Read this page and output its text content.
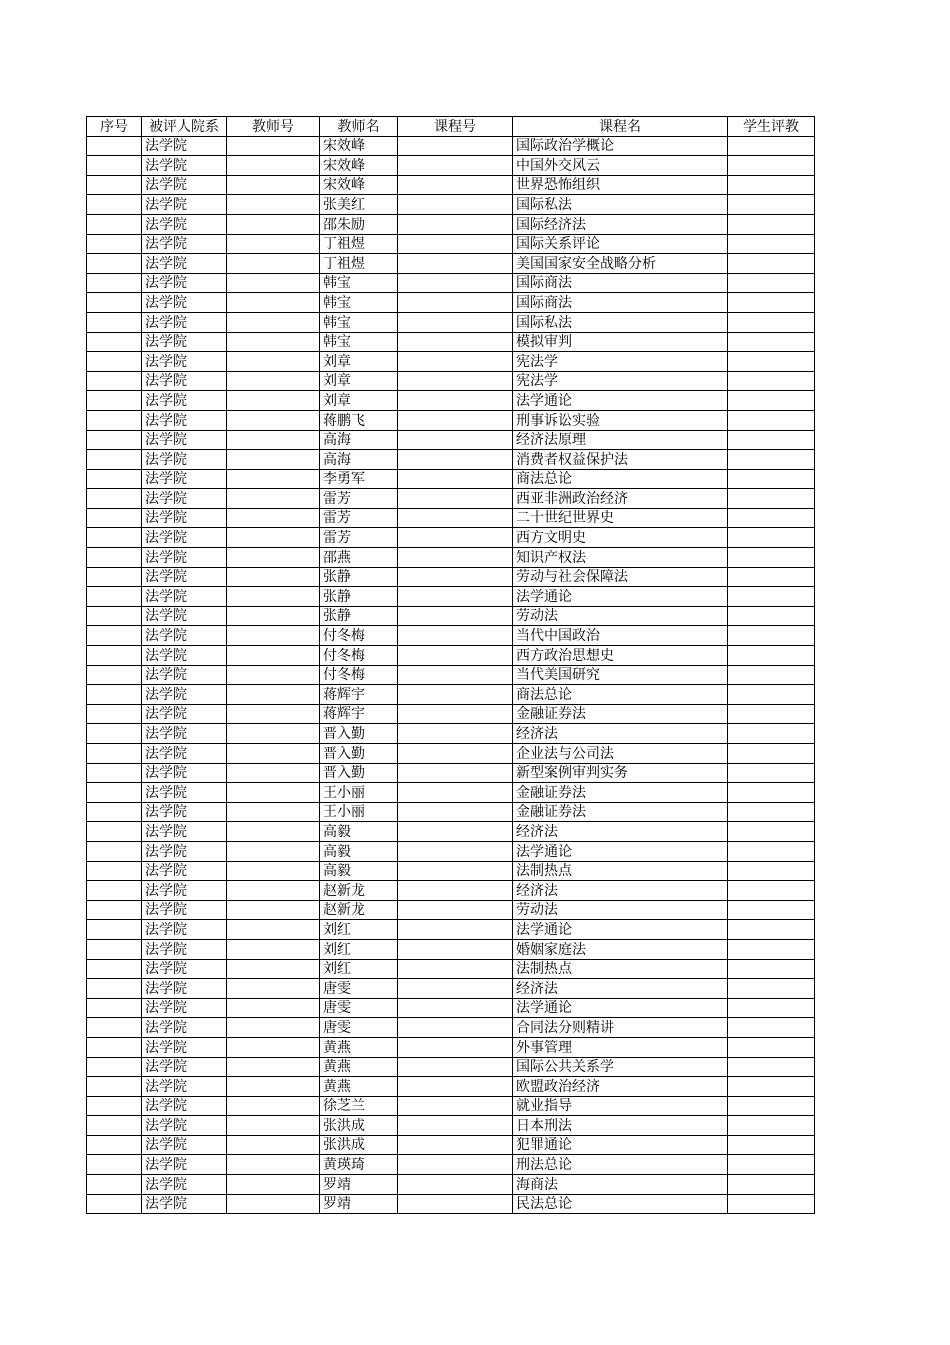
序号	被评人院系	教师号	教师名	课程号	课程名	学生评教
	法学院		宋效峰		国际政治学概论	
	法学院		宋效峰		中国外交风云	
	法学院		宋效峰		世界恐怖组织	
	法学院		张美红		国际私法	
	法学院		邵朱励		国际经济法	
	法学院		丁祖煜		国际关系评论	
	法学院		丁祖煜		美国国家安全战略分析	
	法学院		韩宝		国际商法	
	法学院		韩宝		国际商法	
	法学院		韩宝		国际私法	
	法学院		韩宝		模拟审判	
	法学院		刘章		宪法学	
	法学院		刘章		宪法学	
	法学院		刘章		法学通论	
	法学院		蒋鹏飞		刑事诉讼实验	
	法学院		高海		经济法原理	
	法学院		高海		消费者权益保护法	
	法学院		李勇军		商法总论	
	法学院		雷芳		西亚非洲政治经济	
	法学院		雷芳		二十世纪世界史	
	法学院		雷芳		西方文明史	
	法学院		邵燕		知识产权法	
	法学院		张静		劳动与社会保障法	
	法学院		张静		法学通论	
	法学院		张静		劳动法	
	法学院		付冬梅		当代中国政治	
	法学院		付冬梅		西方政治思想史	
	法学院		付冬梅		当代美国研究	
	法学院		蒋辉宇		商法总论	
	法学院		蒋辉宇		金融证券法	
	法学院		晋入勤		经济法	
	法学院		晋入勤		企业法与公司法	
	法学院		晋入勤		新型案例审判实务	
	法学院		王小丽		金融证券法	
	法学院		王小丽		金融证券法	
	法学院		高毅		经济法	
	法学院		高毅		法学通论	
	法学院		高毅		法制热点	
	法学院		赵新龙		经济法	
	法学院		赵新龙		劳动法	
	法学院		刘红		法学通论	
	法学院		刘红		婚姻家庭法	
	法学院		刘红		法制热点	
	法学院		唐雯		经济法	
	法学院		唐雯		法学通论	
	法学院		唐雯		合同法分则精讲	
	法学院		黄燕		外事管理	
	法学院		黄燕		国际公共关系学	
	法学院		黄燕		欧盟政治经济	
	法学院		徐芝兰		就业指导	
	法学院		张洪成		日本刑法	
	法学院		张洪成		犯罪通论	
	法学院		黄瑛琦		刑法总论	
	法学院		罗靖		海商法	
	法学院		罗靖		民法总论	
